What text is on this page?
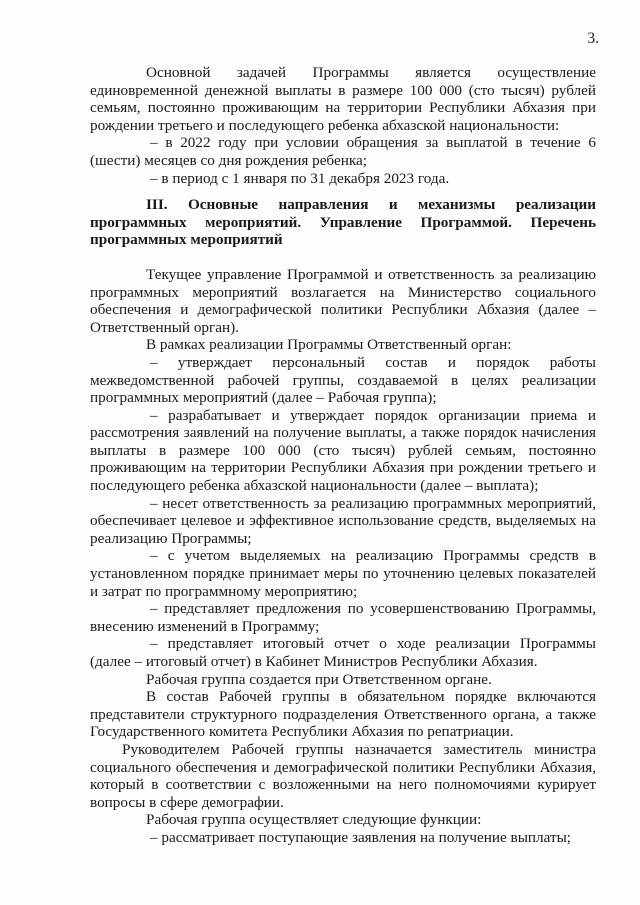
3.

Основной задачей Программы является осуществление единовременной денежной выплаты в размере 100 000 (сто тысяч) рублей семьям, постоянно проживающим на территории Республики Абхазия при рождении третьего и последующего ребенка абхазской национальности:

– в 2022 году при условии обращения за выплатой в течение 6 (шести) месяцев со дня рождения ребенка;

– в период с 1 января по 31 декабря 2023 года.

III. Основные направления и механизмы реализации программных мероприятий. Управление Программой. Перечень программных мероприятий

Текущее управление Программой и ответственность за реализацию программных мероприятий возлагается на Министерство социального обеспечения и демографической политики Республики Абхазия (далее – Ответственный орган).

В рамках реализации Программы Ответственный орган:

– утверждает персональный состав и порядок работы межведомственной рабочей группы, создаваемой в целях реализации программных мероприятий (далее – Рабочая группа);

– разрабатывает и утверждает порядок организации приема и рассмотрения заявлений на получение выплаты, а также порядок начисления выплаты в размере 100 000 (сто тысяч) рублей семьям, постоянно проживающим на территории Республики Абхазия при рождении третьего и последующего ребенка абхазской национальности (далее – выплата);

– несет ответственность за реализацию программных мероприятий, обеспечивает целевое и эффективное использование средств, выделяемых на реализацию Программы;

– с учетом выделяемых на реализацию Программы средств в установленном порядке принимает меры по уточнению целевых показателей и затрат по программному мероприятию;

– представляет предложения по усовершенствованию Программы, внесению изменений в Программу;

– представляет итоговый отчет о ходе реализации Программы (далее – итоговый отчет) в Кабинет Министров Республики Абхазия.

Рабочая группа создается при Ответственном органе.

В состав Рабочей группы в обязательном порядке включаются представители структурного подразделения Ответственного органа, а также Государственного комитета Республики Абхазия по репатриации.

Руководителем Рабочей группы назначается заместитель министра социального обеспечения и демографической политики Республики Абхазия, который в соответствии с возложенными на него полномочиями курирует вопросы в сфере демографии.

Рабочая группа осуществляет следующие функции:

– рассматривает поступающие заявления на получение выплаты;
